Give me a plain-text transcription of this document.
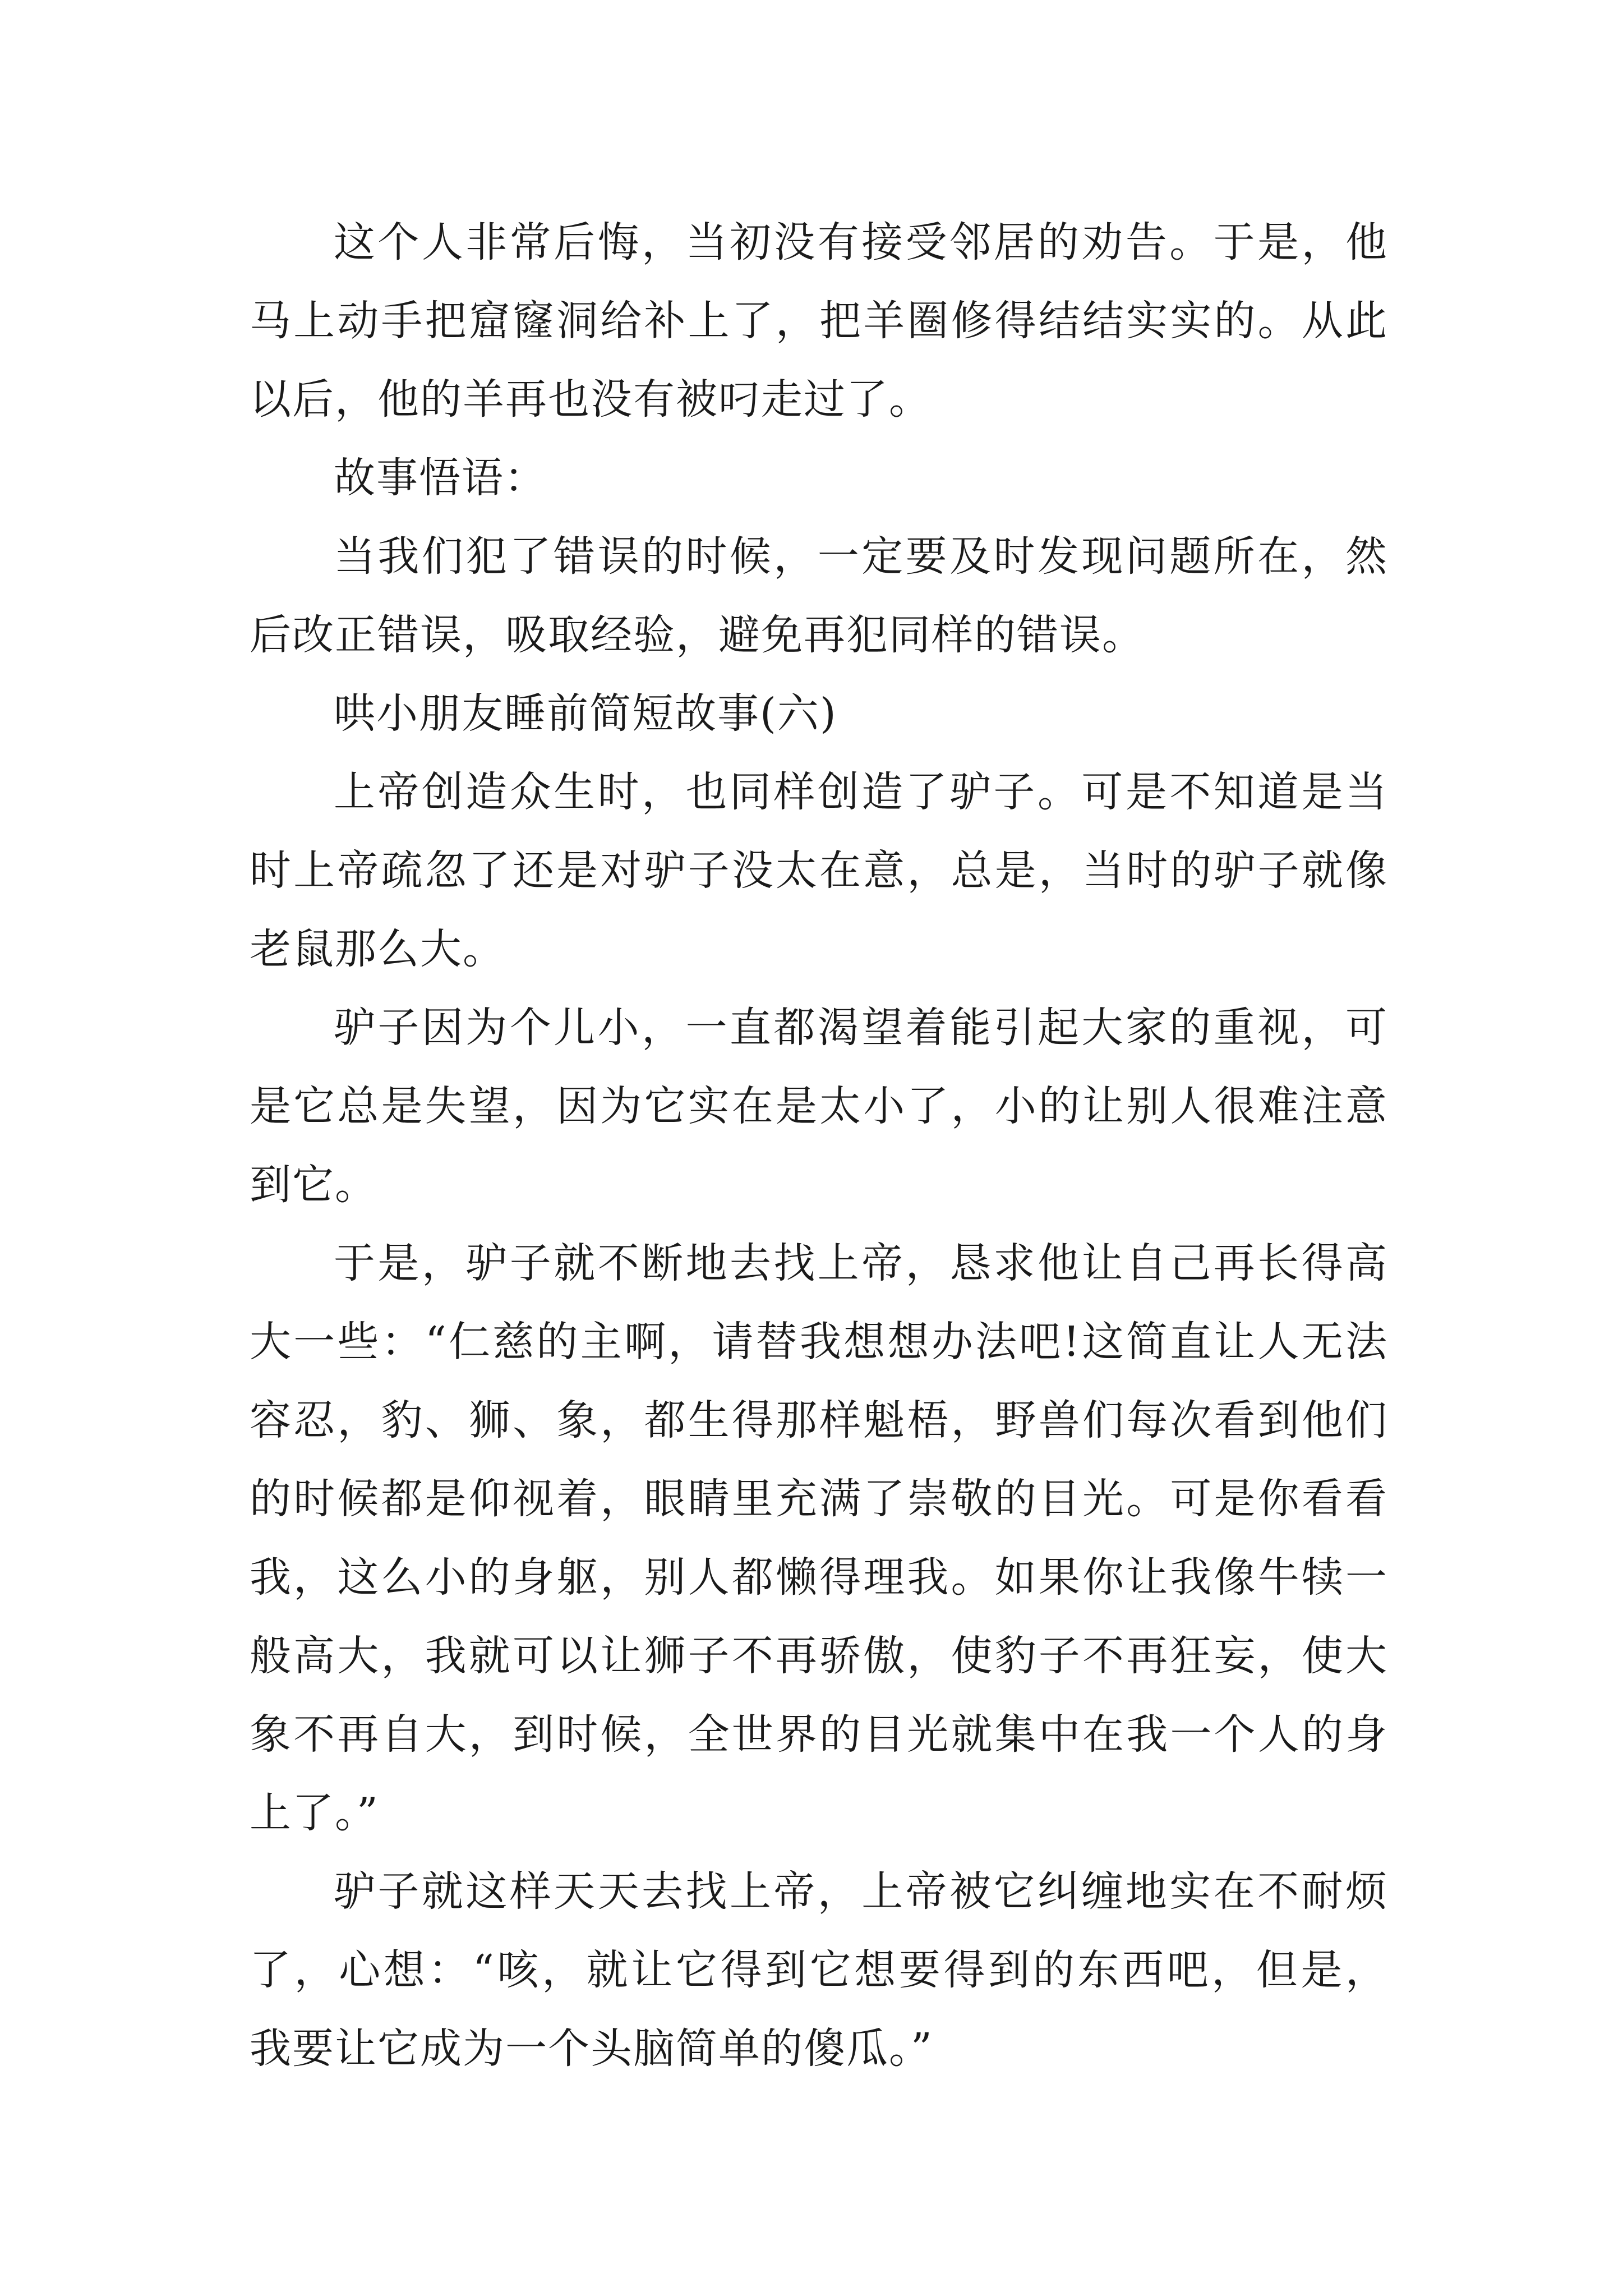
这个人非常后悔，当初没有接受邻居的劝告。于是，他
马上动手把窟窿洞给补上了，把羊圈修得结结实实的。从此
以后，他的羊再也没有被叼走过了。
故事悟语：
当我们犯了错误的时候，一定要及时发现问题所在，然
后改正错误，吸取经验，避免再犯同样的错误。
哄小朋友睡前简短故事(六)
上帝创造众生时，也同样创造了驴子。可是不知道是当
时上帝疏忽了还是对驴子没太在意，总是，当时的驴子就像
老鼠那么大。
驴子因为个儿小，一直都渴望着能引起大家的重视，可
是它总是失望，因为它实在是太小了，小的让别人很难注意
到它。
于是，驴子就不断地去找上帝，恳求他让自己再长得高
大一些：“仁慈的主啊，请替我想想办法吧!这简直让人无法
容忍，豹、狮、象，都生得那样魁梧，野兽们每次看到他们
的时候都是仰视着，眼睛里充满了崇敬的目光。可是你看看
我，这么小的身躯，别人都懒得理我。如果你让我像牛犊一
般高大，我就可以让狮子不再骄傲，使豹子不再狂妄，使大
象不再自大，到时候，全世界的目光就集中在我一个人的身
上了。”
驴子就这样天天去找上帝，上帝被它纠缠地实在不耐烦
了，心想：“咳，就让它得到它想要得到的东西吧，但是，
我要让它成为一个头脑简单的傻瓜。”
